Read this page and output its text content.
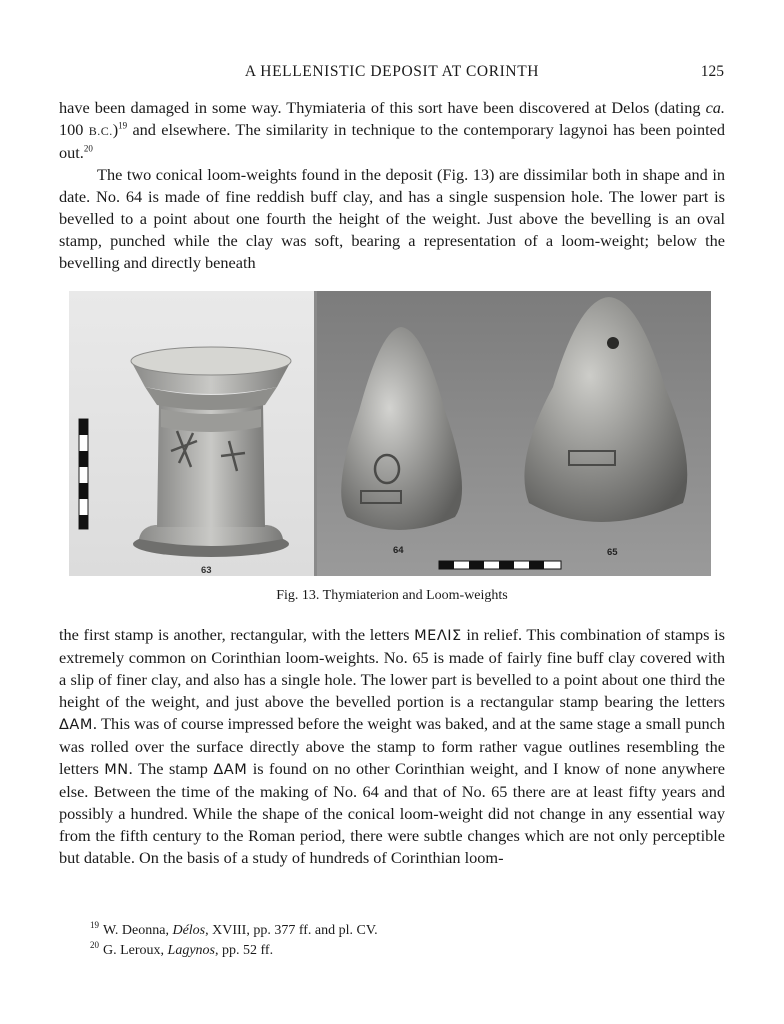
A HELLENISTIC DEPOSIT AT CORINTH	125

have been damaged in some way. Thymiateria of this sort have been discovered at Delos (dating ca. 100 B.C.)$^{19}$ and elsewhere. The similarity in technique to the contemporary lagynoi has been pointed out.$^{20}$

The two conical loom-weights found in the deposit (Fig. 13) are dissimilar both in shape and in date. No. 64 is made of fine reddish buff clay, and has a single suspension hole. The lower part is bevelled to a point about one fourth the height of the weight. Just above the bevelling is an oval stamp, punched while the clay was soft, bearing a representation of a loom-weight; below the bevelling and directly beneath

63
64	65
Fig. 13. Thymiaterion and Loom-weights

the first stamp is another, rectangular, with the letters ΜΕΛΙΣ in relief. This combination of stamps is extremely common on Corinthian loom-weights. No. 65 is made of fairly fine buff clay covered with a slip of finer clay, and also has a single hole. The lower part is bevelled to a point about one third the height of the weight, and just above the bevelled portion is a rectangular stamp bearing the letters ΔΑΜ. This was of course impressed before the weight was baked, and at the same stage a small punch was rolled over the surface directly above the stamp to form rather vague outlines resembling the letters ΜΝ. The stamp ΔΑΜ is found on no other Corinthian weight, and I know of none anywhere else. Between the time of the making of No. 64 and that of No. 65 there are at least fifty years and possibly a hundred. While the shape of the conical loom-weight did not change in any essential way from the fifth century to the Roman period, there were subtle changes which are not only perceptible but datable. On the basis of a study of hundreds of Corinthian loom-

$^{19}$ W. Deonna, Délos, XVIII, pp. 377 ff. and pl. CV.

$^{20}$ G. Leroux, Lagynos, pp. 52 ff.
